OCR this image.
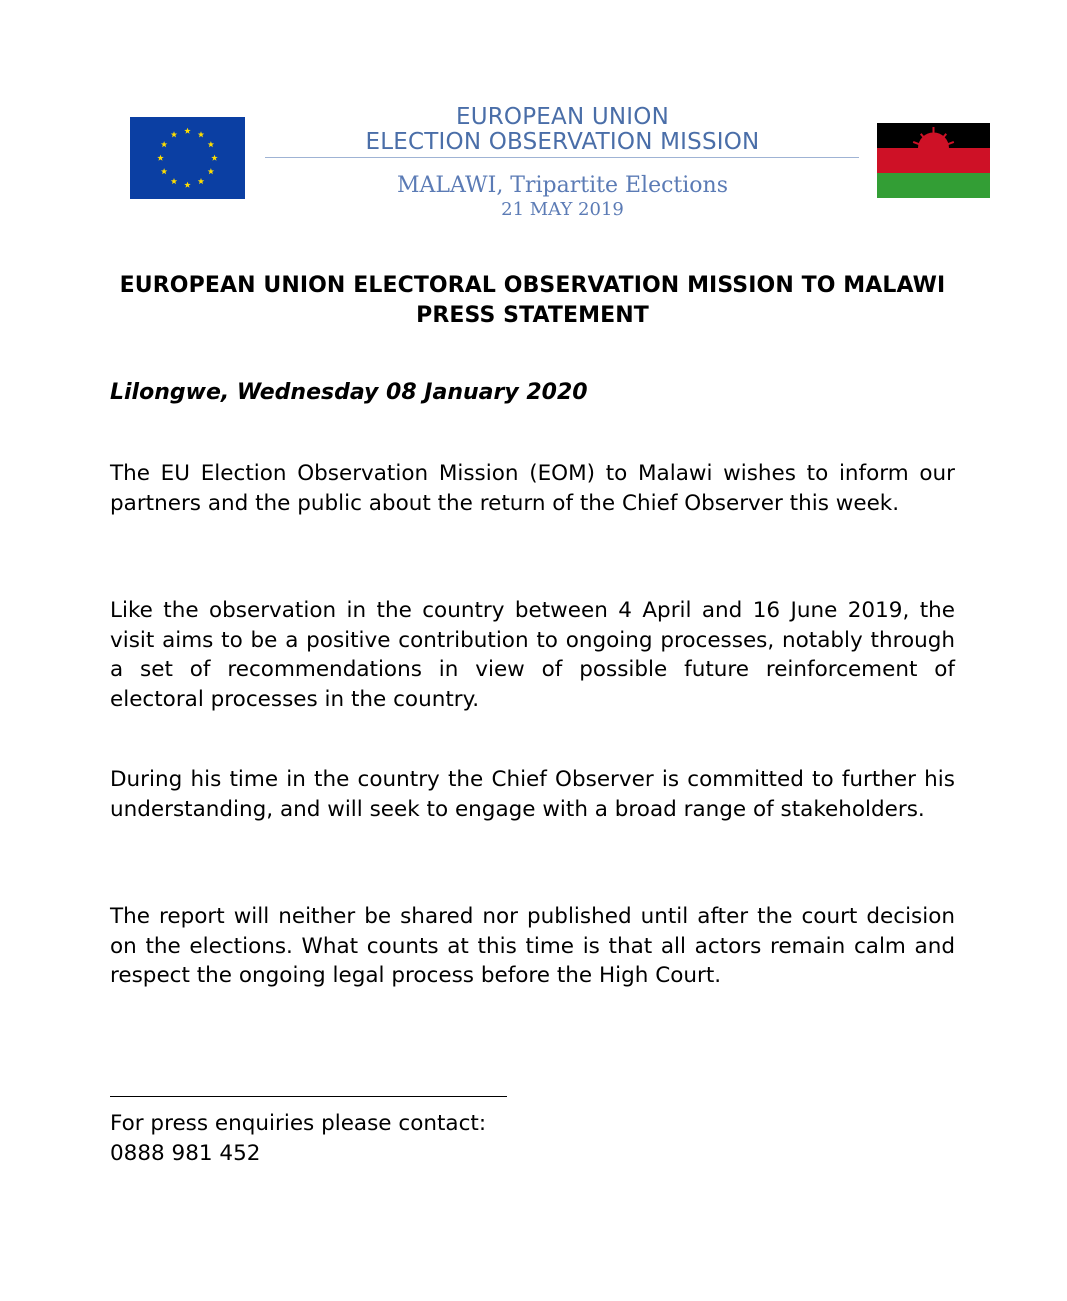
EUROPEAN UNION
ELECTION OBSERVATION MISSION
MALAWI, Tripartite Elections
21 MAY 2019
EUROPEAN UNION ELECTORAL OBSERVATION MISSION TO MALAWI
PRESS STATEMENT
Lilongwe, Wednesday 08 January 2020

The EU Election Observation Mission (EOM) to Malawi wishes to inform our partners and the public about the return of the Chief Observer this week.

Like the observation in the country between 4 April and 16 June 2019, the visit aims to be a positive contribution to ongoing processes, notably through a set of recommendations in view of possible future reinforcement of electoral processes in the country.

During his time in the country the Chief Observer is committed to further his understanding, and will seek to engage with a broad range of stakeholders.

The report will neither be shared nor published until after the court decision on the elections. What counts at this time is that all actors remain calm and respect the ongoing legal process before the High Court.

For press enquiries please contact:
0888 981 452
